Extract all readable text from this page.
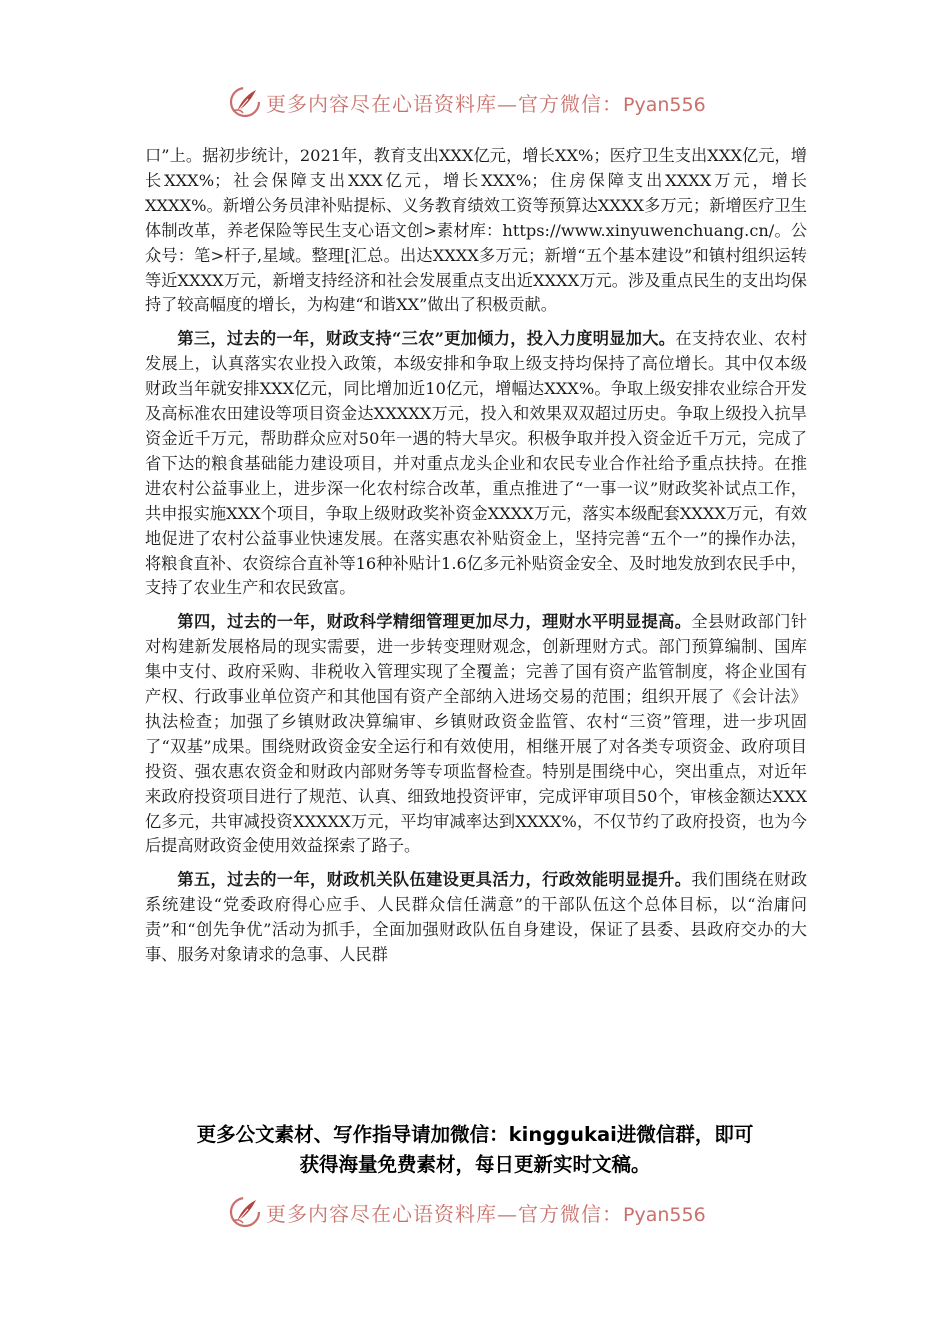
更多内容尽在心语资料库—官方微信：Pyan556

口”上。据初步统计，2021年，教育支出XXX亿元，增长XX%；医疗卫生支出XXX亿元，增长XXX%；社会保障支出XXX亿元，增长XXX%；住房保障支出XXXX万元，增长XXXX%。新增公务员津补贴提标、义务教育绩效工资等预算达XXXX多万元；新增医疗卫生体制改革，养老保险等民生支心语文创>素材库：https://www.xinyuwenchuang.cn/。公众号：笔>杆子,星域。整理[汇总。出达XXXX多万元；新增“五个基本建设”和镇村组织运转等近XXXX万元，新增支持经济和社会发展重点支出近XXXX万元。涉及重点民生的支出均保持了较高幅度的增长，为构建“和谐XX”做出了积极贡献。

第三，过去的一年，财政支持“三农”更加倾力，投入力度明显加大。在支持农业、农村发展上，认真落实农业投入政策，本级安排和争取上级支持均保持了高位增长。其中仅本级财政当年就安排XXX亿元，同比增加近10亿元，增幅达XXX%。争取上级安排农业综合开发及高标准农田建设等项目资金达XXXXX万元，投入和效果双双超过历史。争取上级投入抗旱资金近千万元，帮助群众应对50年一遇的特大旱灾。积极争取并投入资金近千万元，完成了省下达的粮食基础能力建设项目，并对重点龙头企业和农民专业合作社给予重点扶持。在推进农村公益事业上，进步深一化农村综合改革，重点推进了“一事一议”财政奖补试点工作，共申报实施XXX个项目，争取上级财政奖补资金XXXX万元，落实本级配套XXXX万元，有效地促进了农村公益事业快速发展。在落实惠农补贴资金上，坚持完善“五个一”的操作办法，将粮食直补、农资综合直补等16种补贴计1.6亿多元补贴资金安全、及时地发放到农民手中，支持了农业生产和农民致富。

第四，过去的一年，财政科学精细管理更加尽力，理财水平明显提高。全县财政部门针对构建新发展格局的现实需要，进一步转变理财观念，创新理财方式。部门预算编制、国库集中支付、政府采购、非税收入管理实现了全覆盖；完善了国有资产监管制度，将企业国有产权、行政事业单位资产和其他国有资产全部纳入进场交易的范围；组织开展了《会计法》执法检查；加强了乡镇财政决算编审、乡镇财政资金监管、农村“三资”管理，进一步巩固了“双基”成果。围绕财政资金安全运行和有效使用，相继开展了对各类专项资金、政府项目投资、强农惠农资金和财政内部财务等专项监督检查。特别是围绕中心，突出重点，对近年来政府投资项目进行了规范、认真、细致地投资评审，完成评审项目50个，审核金额达XXX亿多元，共审减投资XXXXX万元，平均审减率达到XXXX%，不仅节约了政府投资，也为今后提高财政资金使用效益探索了路子。

第五，过去的一年，财政机关队伍建设更具活力，行政效能明显提升。我们围绕在财政系统建设“党委政府得心应手、人民群众信任满意”的干部队伍这个总体目标，以“治庸问责”和“创先争优”活动为抓手，全面加强财政队伍自身建设，保证了县委、县政府交办的大事、服务对象请求的急事、人民群

更多公文素材、写作指导请加微信：kinggukai进微信群，即可
获得海量免费素材，每日更新实时文稿。
更多内容尽在心语资料库—官方微信：Pyan556
